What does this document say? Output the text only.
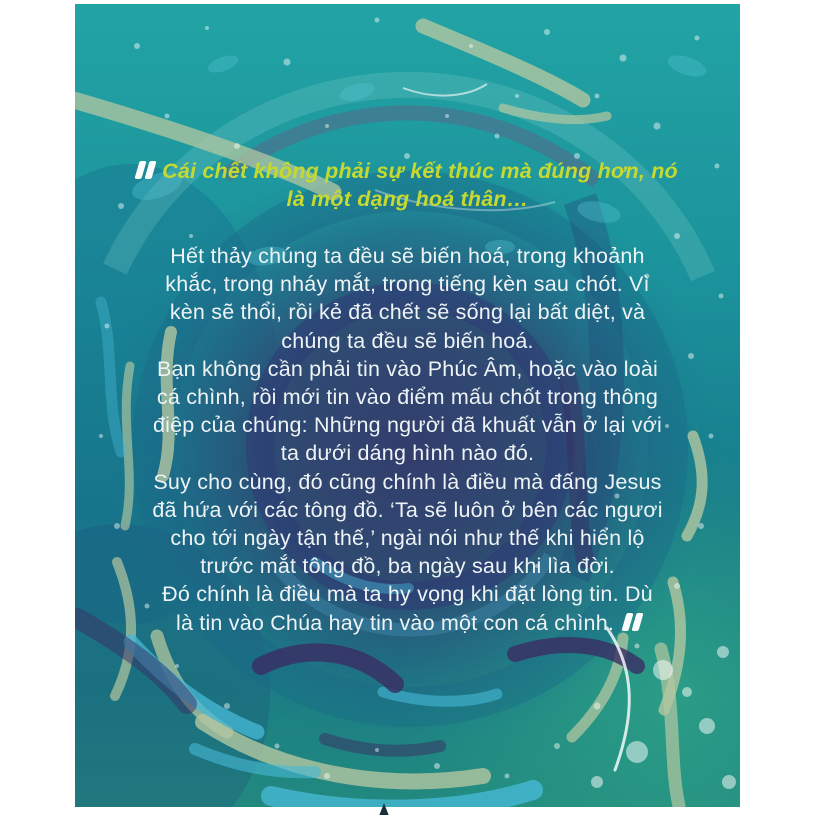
Cái chết không phải sự kết thúc mà đúng hơn, nó
là một dạng hoá thân…
Hết thảy chúng ta đều sẽ biến hoá, trong khoảnh
khắc, trong nháy mắt, trong tiếng kèn sau chót. Vì
kèn sẽ thổi, rồi kẻ đã chết sẽ sống lại bất diệt, và
chúng ta đều sẽ biến hoá.
Bạn không cần phải tin vào Phúc Âm, hoặc vào loài
cá chình, rồi mới tin vào điểm mấu chốt trong thông
điệp của chúng: Những người đã khuất vẫn ở lại với
ta dưới dáng hình nào đó.
Suy cho cùng, đó cũng chính là điều mà đấng Jesus
đã hứa với các tông đồ. ‘Ta sẽ luôn ở bên các ngươi
cho tới ngày tận thế,’ ngài nói như thế khi hiển lộ
trước mắt tông đồ, ba ngày sau khi lìa đời.
Đó chính là điều mà ta hy vọng khi đặt lòng tin. Dù
là tin vào Chúa hay tin vào một con cá chình.
